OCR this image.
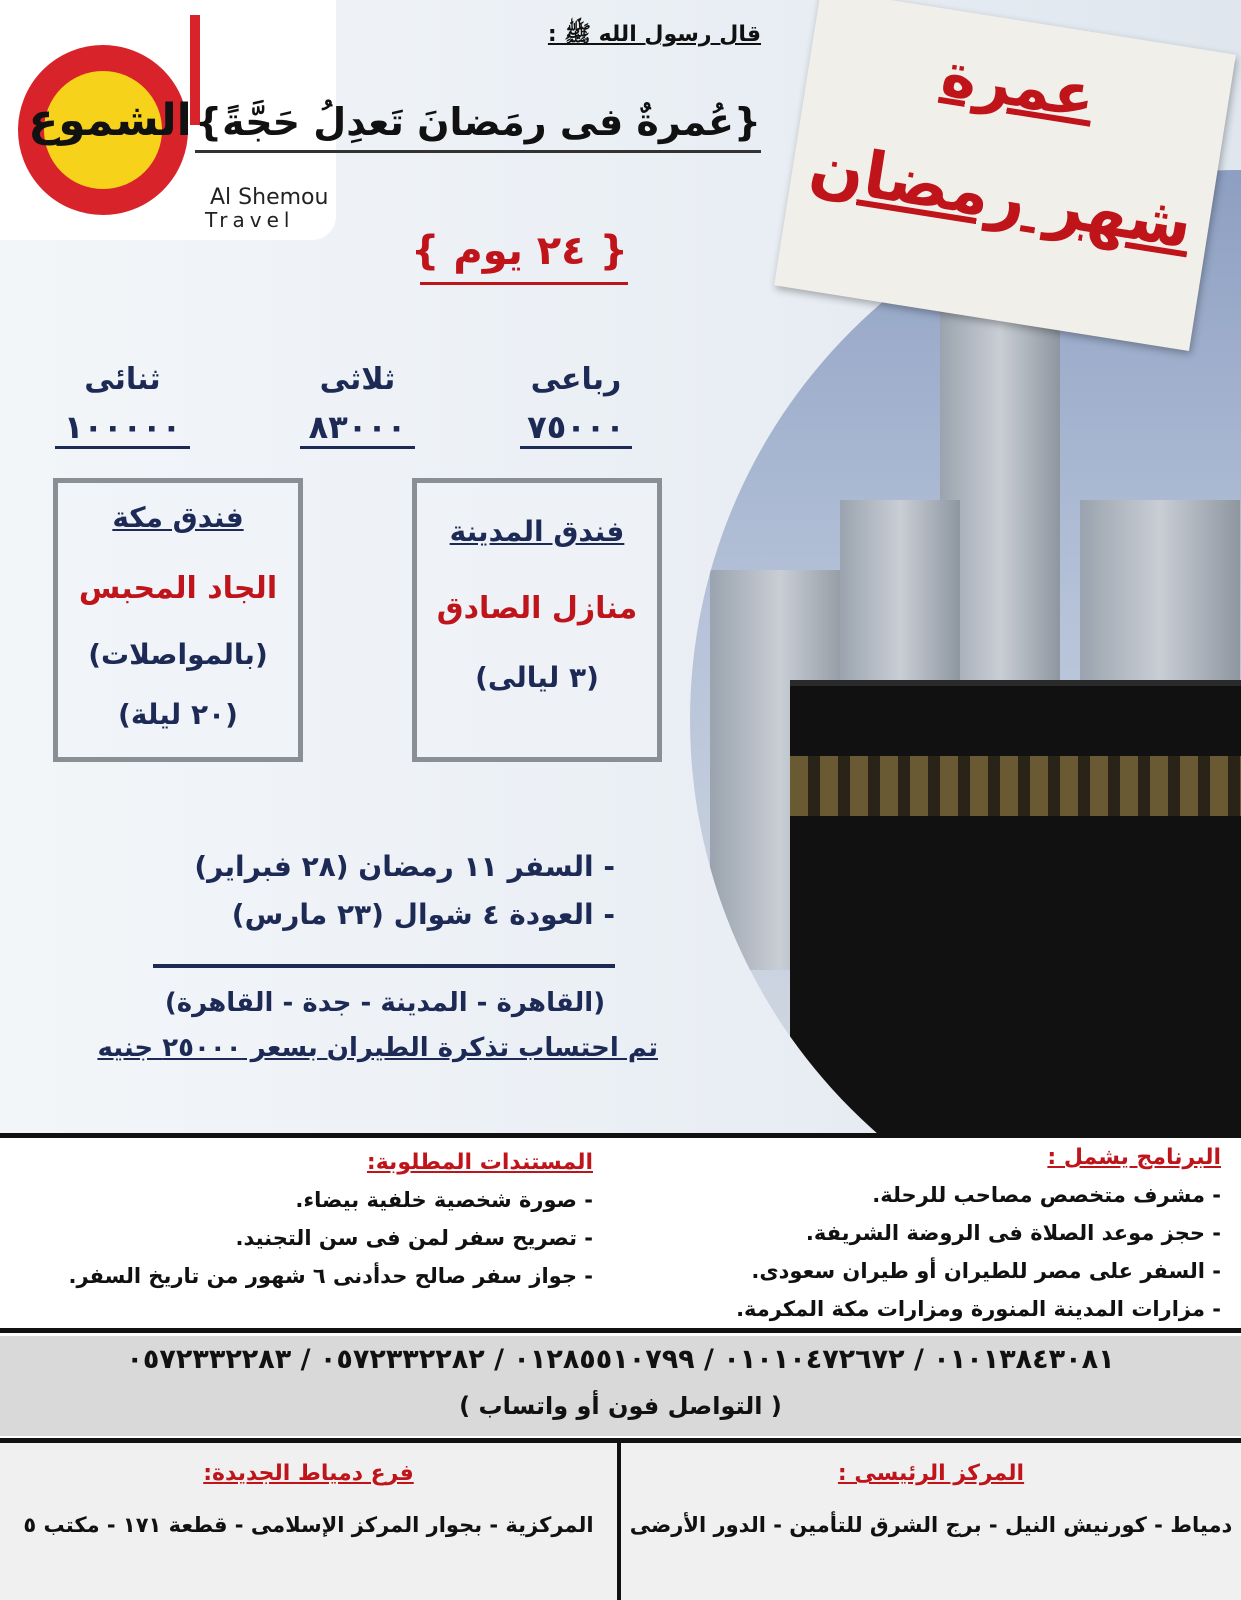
الشموع
Al Shemou
Travel
عمرة
شهر رمضان
قال رسول الله ﷺ :
{عُمرةٌ فى رمَضانَ تَعدِلُ حَجَّةً}
{ ٢٤ يوم }
رباعى
٧٥٠٠٠
ثلاثى
٨٣٠٠٠
ثنائى
١٠٠٠٠٠
فندق المدينة
منازل الصادق
(٣ ليالى)
فندق مكة
الجاد المحبس
(بالمواصلات)
(٢٠ ليلة)
- السفر ١١ رمضان (٢٨ فبراير)
- العودة ٤ شوال (٢٣ مارس)
(القاهرة - المدينة - جدة - القاهرة)
تم احتساب تذكرة الطيران بسعر ٢٥٠٠٠ جنيه
البرنامج يشمل :
- مشرف متخصص مصاحب للرحلة.
- حجز موعد الصلاة فى الروضة الشريفة.
- السفر على مصر للطيران أو طيران سعودى.
- مزارات المدينة المنورة ومزارات مكة المكرمة.
المستندات المطلوبة:
- صورة شخصية خلفية بيضاء.
- تصريح سفر لمن فى سن التجنيد.
- جواز سفر صالح حدأدنى ٦ شهور من تاريخ السفر.
٠١٠١٣٨٤٣٠٨١ / ٠١٠١٠٤٧٢٦٧٢ / ٠١٢٨٥٥١٠٧٩٩ / ٠٥٧٢٣٣٢٢٨٢ / ٠٥٧٢٣٣٢٢٨٣
( التواصل فون أو واتساب )
المركز الرئيسى :
دمياط - كورنيش النيل - برج الشرق للتأمين - الدور الأرضى
فرع دمياط الجديدة:
المركزية - بجوار المركز الإسلامى - قطعة ١٧١ - مكتب ٥
